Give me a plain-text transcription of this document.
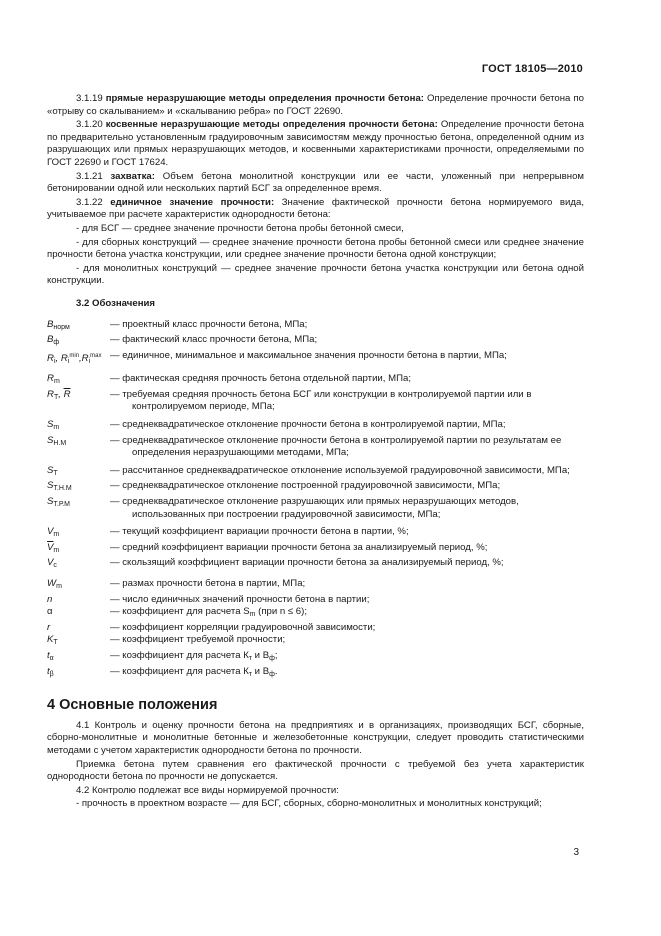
ГОСТ 18105—2010

3.1.19 прямые неразрушающие методы определения прочности бетона: Определение прочности бетона по «отрыву со скалыванием» и «скалыванию ребра» по ГОСТ 22690.

3.1.20 косвенные неразрушающие методы определения прочности бетона: Определение прочности бетона по предварительно установленным градуировочным зависимостям между прочностью бетона, определенной одним из разрушающих или прямых неразрушающих методов, и косвенными характеристиками прочности, определяемыми по ГОСТ 22690 и ГОСТ 17624.

3.1.21 захватка: Объем бетона монолитной конструкции или ее части, уложенный при непрерывном бетонировании одной или нескольких партий БСГ за определенное время.

3.1.22 единичное значение прочности: Значение фактической прочности бетона нормируемого вида, учитываемое при расчете характеристик однородности бетона:

- для БСГ — среднее значение прочности бетона пробы бетонной смеси,

- для сборных конструкций — среднее значение прочности бетона пробы бетонной смеси или среднее значение прочности бетона участка конструкции, или среднее значение прочности бетона одной конструкции;

- для монолитных конструкций — среднее значение прочности бетона участка конструкции или бетона одной конструкции.

3.2 Обозначения

$B_{норм}$	— проектный класс прочности бетона, МПа;
$B_ф$	— фактический класс прочности бетона, МПа;
$R_i$, $R_i^{min},R_i^{max}$ — единичное, минимальное и максимальное значения прочности бетона в партии, МПа;
$R_m$	— фактическая средняя прочность бетона отдельной партии, МПа;
$R_Т$, $\overline{R}$	— требуемая средняя прочность бетона БСГ или конструкции в контролируемой партии или в контролируемом периоде, МПа;
$S_m$	— среднеквадратическое отклонение прочности бетона в контролируемой партии, МПа;
$S_{Н.М}$	— среднеквадратическое отклонение прочности бетона в контролируемой партии по результатам ее определения неразрушающими методами, МПа;
$S_Т$	— рассчитанное среднеквадратическое отклонение используемой градуировочной зависимости, МПа;
$S_{Т.Н.М}$	— среднеквадратическое отклонение построенной градуировочной зависимости, МПа;
$S_{Т.Р.М}$	— среднеквадратическое отклонение разрушающих или прямых неразрушающих методов, использованных при построении градуировочной зависимости, МПа;
$V_m$	— текущий коэффициент вариации прочности бетона в партии, %;
$\overline{V}_m$	— средний коэффициент вариации прочности бетона за анализируемый период, %;
$V_с$	— скользящий коэффициент вариации прочности бетона за анализируемый период, %;
$W_m$	— размах прочности бетона в партии, МПа;
n	— число единичных значений прочности бетона в партии;
α	— коэффициент для расчета $S_m$ (при n ≤ 6);
r	— коэффициент корреляции градуировочной зависимости;
$K_Т$	— коэффициент требуемой прочности;
$t_\alpha$	— коэффициент для расчета $К_т$ и $В_ф$;
$t_\beta$	— коэффициент для расчета $К_т$ и $В_ф$.

4 Основные положения

4.1 Контроль и оценку прочности бетона на предприятиях и в организациях, производящих БСГ, сборные, сборно-монолитные и монолитные бетонные и железобетонные конструкции, следует проводить статистическими методами с учетом характеристик однородности бетона по прочности.

Приемка бетона путем сравнения его фактической прочности с требуемой без учета характеристик однородности бетона по прочности не допускается.

4.2 Контролю подлежат все виды нормируемой прочности:

- прочность в проектном возрасте — для БСГ, сборных, сборно-монолитных и монолитных конструкций;

3
